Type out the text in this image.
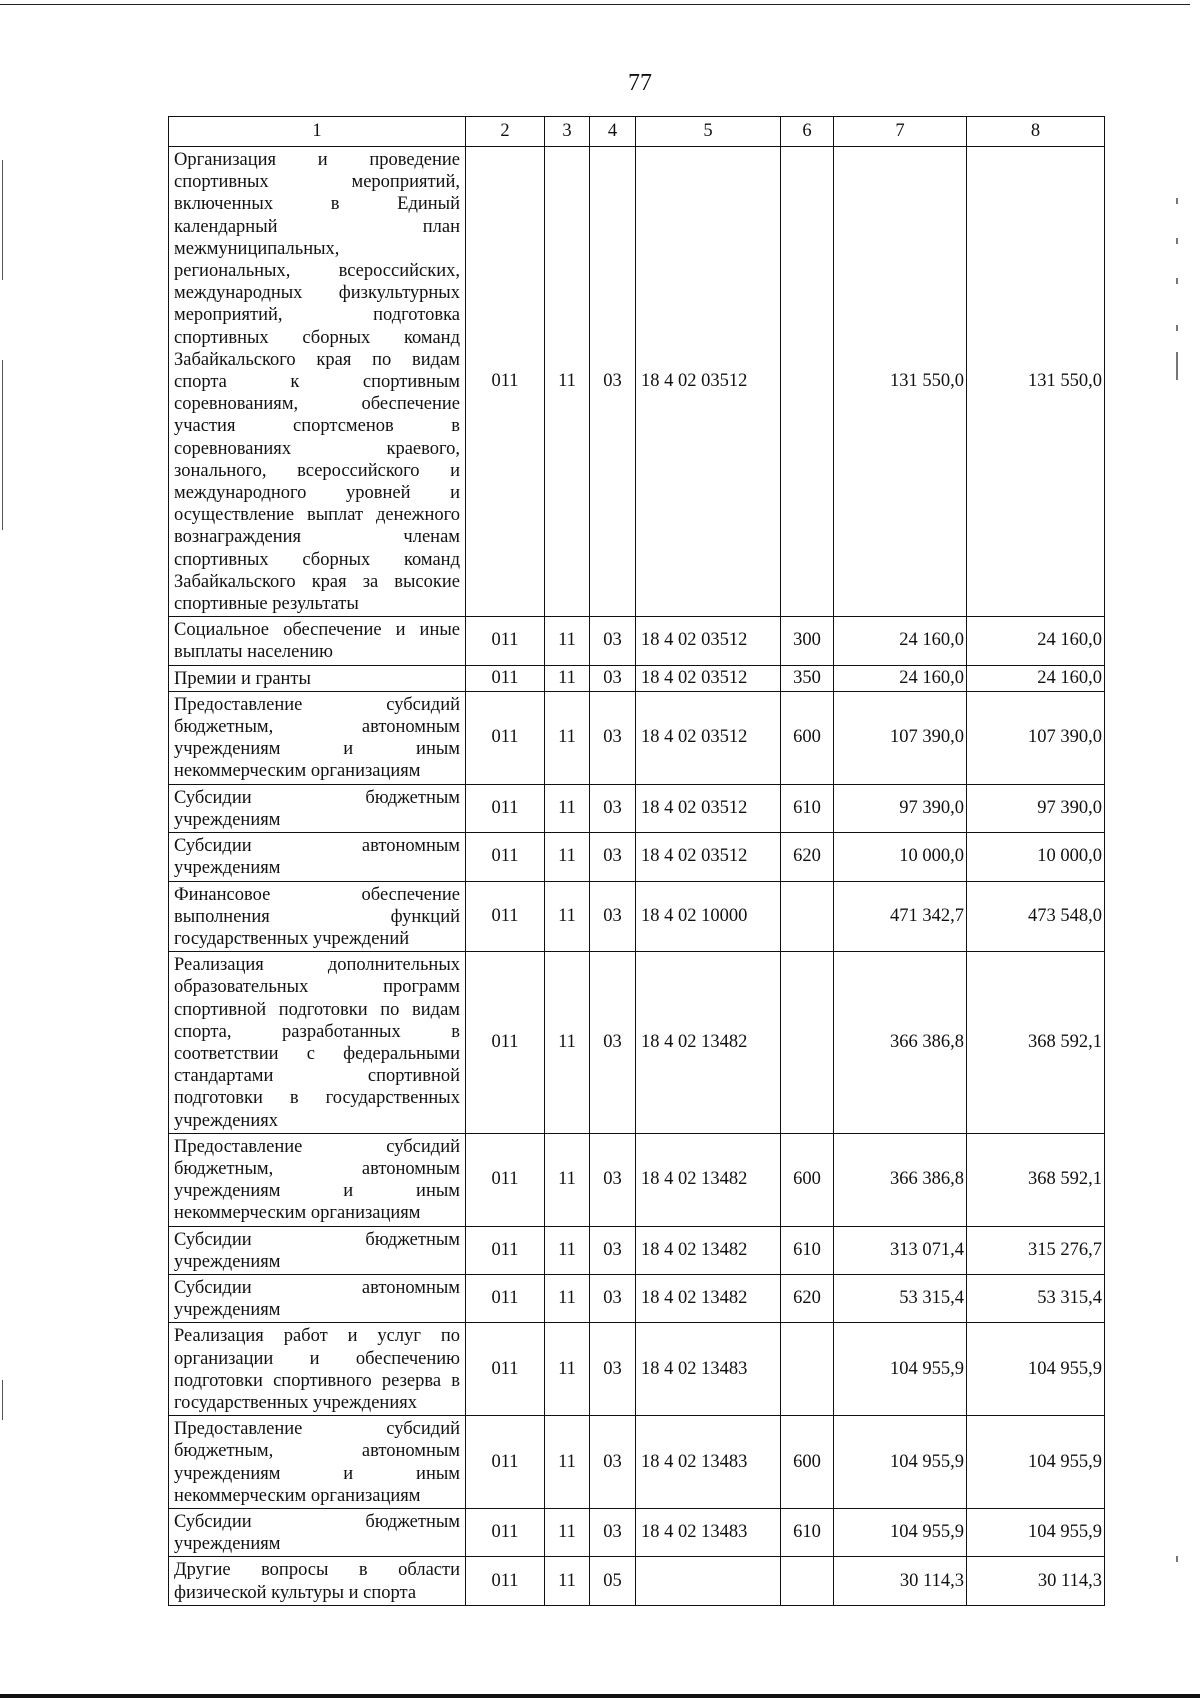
77
1	2	3	4	5	6	7	8
Организация и проведение спортивных мероприятий, включенных в Единый календарный план межмуниципальных, региональных, всероссийских, международных физкультурных мероприятий, подготовка спортивных сборных команд Забайкальского края по видам спорта к спортивным соревнованиям, обеспечение участия спортсменов в соревнованиях краевого, зонального, всероссийского и международного уровней и осуществление выплат денежного вознаграждения членам спортивных сборных команд Забайкальского края за высокие спортивные результаты	011	11	03	18 4 02 03512		131 550,0	131 550,0
Социальное обеспечение и иные выплаты населению	011	11	03	18 4 02 03512	300	24 160,0	24 160,0
Премии и гранты	011	11	03	18 4 02 03512	350	24 160,0	24 160,0
Предоставление субсидий бюджетным, автономным учреждениям и иным некоммерческим организациям	011	11	03	18 4 02 03512	600	107 390,0	107 390,0
Субсидии бюджетным учреждениям	011	11	03	18 4 02 03512	610	97 390,0	97 390,0
Субсидии автономным учреждениям	011	11	03	18 4 02 03512	620	10 000,0	10 000,0
Финансовое обеспечение выполнения функций государственных учреждений	011	11	03	18 4 02 10000		471 342,7	473 548,0
Реализация дополнительных образовательных программ спортивной подготовки по видам спорта, разработанных в соответствии с федеральными стандартами спортивной подготовки в государственных учреждениях	011	11	03	18 4 02 13482		366 386,8	368 592,1
Предоставление субсидий бюджетным, автономным учреждениям и иным некоммерческим организациям	011	11	03	18 4 02 13482	600	366 386,8	368 592,1
Субсидии бюджетным учреждениям	011	11	03	18 4 02 13482	610	313 071,4	315 276,7
Субсидии автономным учреждениям	011	11	03	18 4 02 13482	620	53 315,4	53 315,4
Реализация работ и услуг по организации и обеспечению подготовки спортивного резерва в государственных учреждениях	011	11	03	18 4 02 13483		104 955,9	104 955,9
Предоставление субсидий бюджетным, автономным учреждениям и иным некоммерческим организациям	011	11	03	18 4 02 13483	600	104 955,9	104 955,9
Субсидии бюджетным учреждениям	011	11	03	18 4 02 13483	610	104 955,9	104 955,9
Другие вопросы в области физической культуры и спорта	011	11	05			30 114,3	30 114,3
